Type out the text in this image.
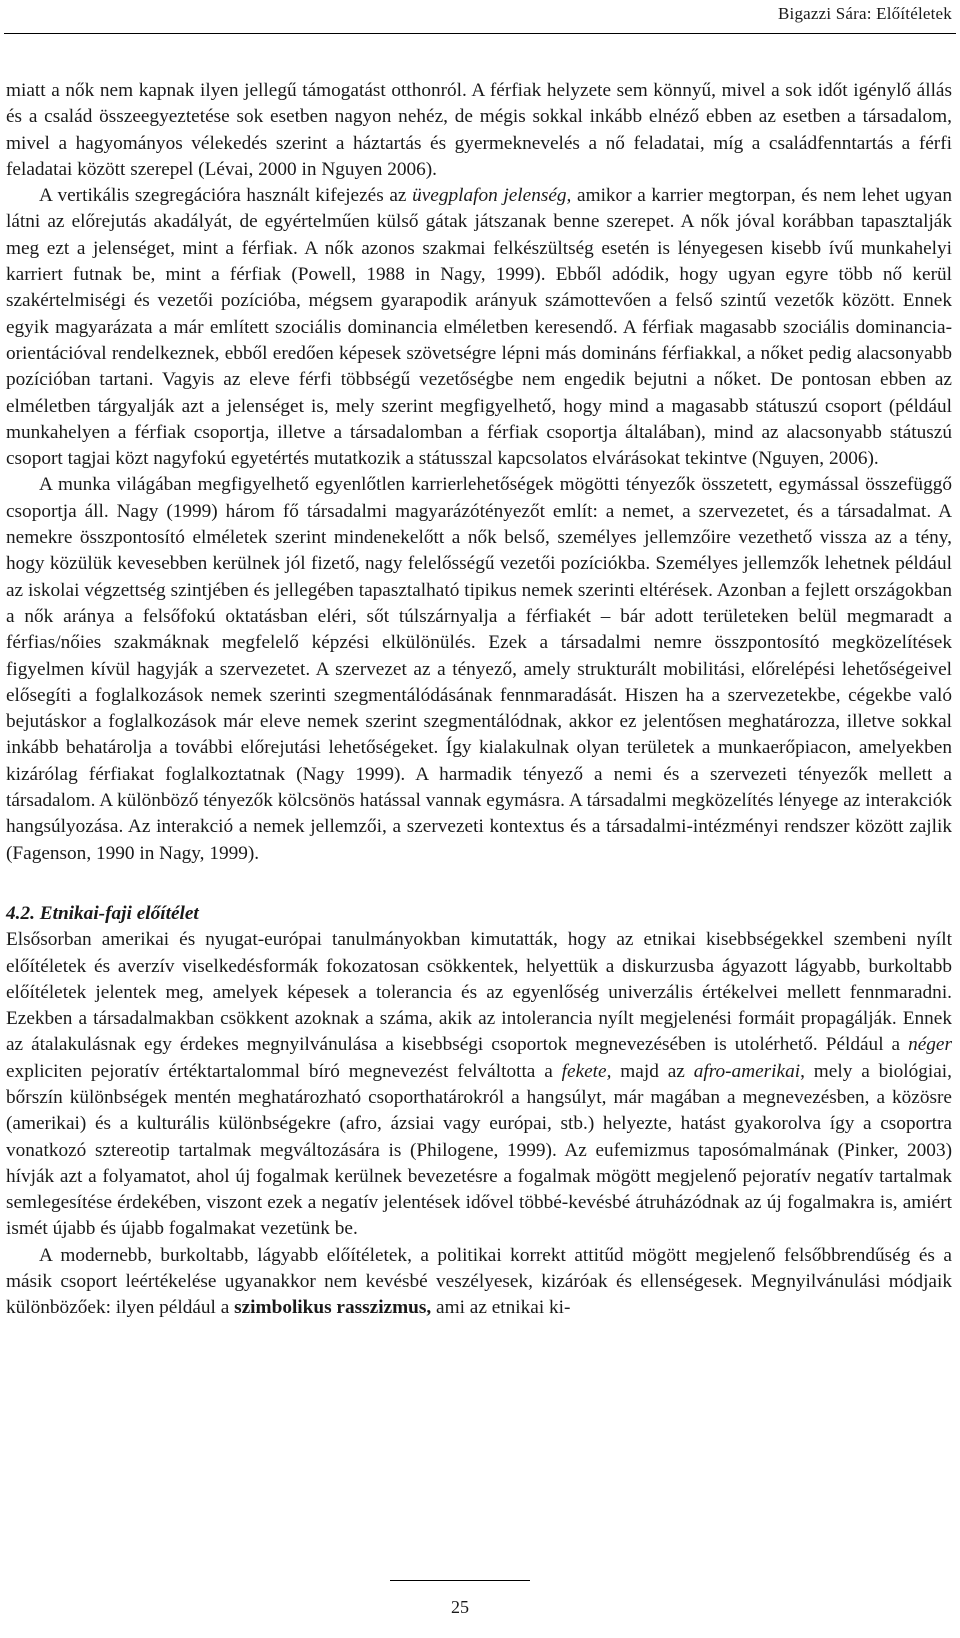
Bigazzi Sára: Előítéletek

miatt a nők nem kapnak ilyen jellegű támogatást otthonról. A férfiak helyzete sem könnyű, mivel a sok időt igénylő állás és a család összeegyeztetése sok esetben nagyon nehéz, de mégis sokkal inkább elnéző ebben az esetben a társadalom, mivel a hagyományos vélekedés szerint a háztartás és gyermeknevelés a nő feladatai, míg a családfenntartás a férfi feladatai között szerepel (Lévai, 2000 in Nguyen 2006).

A vertikális szegregációra használt kifejezés az üvegplafon jelenség, amikor a karrier megtorpan, és nem lehet ugyan látni az előrejutás akadályát, de egyértelműen külső gátak játszanak benne szerepet. A nők jóval korábban tapasztalják meg ezt a jelenséget, mint a férfiak. A nők azonos szakmai felkészültség esetén is lényegesen kisebb ívű munkahelyi karriert futnak be, mint a férfiak (Powell, 1988 in Nagy, 1999). Ebből adódik, hogy ugyan egyre több nő kerül szakértelmiségi és vezetői pozícióba, mégsem gyarapodik arányuk számottevően a felső szintű vezetők között. Ennek egyik magyarázata a már említett szociális dominancia elméletben keresendő. A férfiak magasabb szociális dominancia-orientációval rendelkeznek, ebből eredően képesek szövetségre lépni más domináns férfiakkal, a nőket pedig alacsonyabb pozícióban tartani. Vagyis az eleve férfi többségű vezetőségbe nem engedik bejutni a nőket. De pontosan ebben az elméletben tárgyalják azt a jelenséget is, mely szerint megfigyelhető, hogy mind a magasabb státuszú csoport (például munkahelyen a férfiak csoportja, illetve a társadalomban a férfiak csoportja általában), mind az alacsonyabb státuszú csoport tagjai közt nagyfokú egyetértés mutatkozik a státusszal kapcsolatos elvárásokat tekintve (Nguyen, 2006).

A munka világában megfigyelhető egyenlőtlen karrierlehetőségek mögötti tényezők összetett, egymással összefüggő csoportja áll. Nagy (1999) három fő társadalmi magyarázótényezőt említ: a nemet, a szervezetet, és a társadalmat. A nemekre összpontosító elméletek szerint mindenekelőtt a nők belső, személyes jellemzőire vezethető vissza az a tény, hogy közülük kevesebben kerülnek jól fizető, nagy felelősségű vezetői pozíciókba. Személyes jellemzők lehetnek például az iskolai végzettség szintjében és jellegében tapasztalható tipikus nemek szerinti eltérések. Azonban a fejlett országokban a nők aránya a felsőfokú oktatásban eléri, sőt túlszárnyalja a férfiakét – bár adott területeken belül megmaradt a férfias/nőies szakmáknak megfelelő képzési elkülönülés. Ezek a társadalmi nemre összpontosító megközelítések figyelmen kívül hagyják a szervezetet. A szervezet az a tényező, amely strukturált mobilitási, előrelépési lehetőségeivel elősegíti a foglalkozások nemek szerinti szegmentálódásának fennmaradását. Hiszen ha a szervezetekbe, cégekbe való bejutáskor a foglalkozások már eleve nemek szerint szegmentálódnak, akkor ez jelentősen meghatározza, illetve sokkal inkább behatárolja a további előrejutási lehetőségeket. Így kialakulnak olyan területek a munkaerőpiacon, amelyekben kizárólag férfiakat foglalkoztatnak (Nagy 1999). A harmadik tényező a nemi és a szervezeti tényezők mellett a társadalom. A különböző tényezők kölcsönös hatással vannak egymásra. A társadalmi megközelítés lényege az interakciók hangsúlyozása. Az interakció a nemek jellemzői, a szervezeti kontextus és a társadalmi-intézményi rendszer között zajlik (Fagenson, 1990 in Nagy, 1999).

4.2. Etnikai-faji előítélet

Elsősorban amerikai és nyugat-európai tanulmányokban kimutatták, hogy az etnikai kisebbségekkel szembeni nyílt előítéletek és averzív viselkedésformák fokozatosan csökkentek, helyettük a diskurzusba ágyazott lágyabb, burkoltabb előítéletek jelentek meg, amelyek képesek a tolerancia és az egyenlőség univerzális értékelvei mellett fennmaradni. Ezekben a társadalmakban csökkent azoknak a száma, akik az intolerancia nyílt megjelenési formáit propagálják. Ennek az átalakulásnak egy érdekes megnyilvánulása a kisebbségi csoportok megnevezésében is utolérhető. Például a néger expliciten pejoratív értéktartalommal bíró megnevezést felváltotta a fekete, majd az afro-amerikai, mely a biológiai, bőrszín különbségek mentén meghatározható csoporthatárokról a hangsúlyt, már magában a megnevezésben, a közösre (amerikai) és a kulturális különbségekre (afro, ázsiai vagy európai, stb.) helyezte, hatást gyakorolva így a csoportra vonatkozó sztereotip tartalmak megváltozására is (Philogene, 1999). Az eufemizmus taposómalmának (Pinker, 2003) hívják azt a folyamatot, ahol új fogalmak kerülnek bevezetésre a fogalmak mögött megjelenő pejoratív negatív tartalmak semlegesítése érdekében, viszont ezek a negatív jelentések idővel többé-kevésbé átruházódnak az új fogalmakra is, amiért ismét újabb és újabb fogalmakat vezetünk be.

A modernebb, burkoltabb, lágyabb előítéletek, a politikai korrekt attitűd mögött megjelenő felsőbbrendűség és a másik csoport leértékelése ugyanakkor nem kevésbé veszélyesek, kizáróak és ellenségesek. Megnyilvánulási módjaik különbözőek: ilyen például a szimbolikus rasszizmus, ami az etnikai ki-

25
